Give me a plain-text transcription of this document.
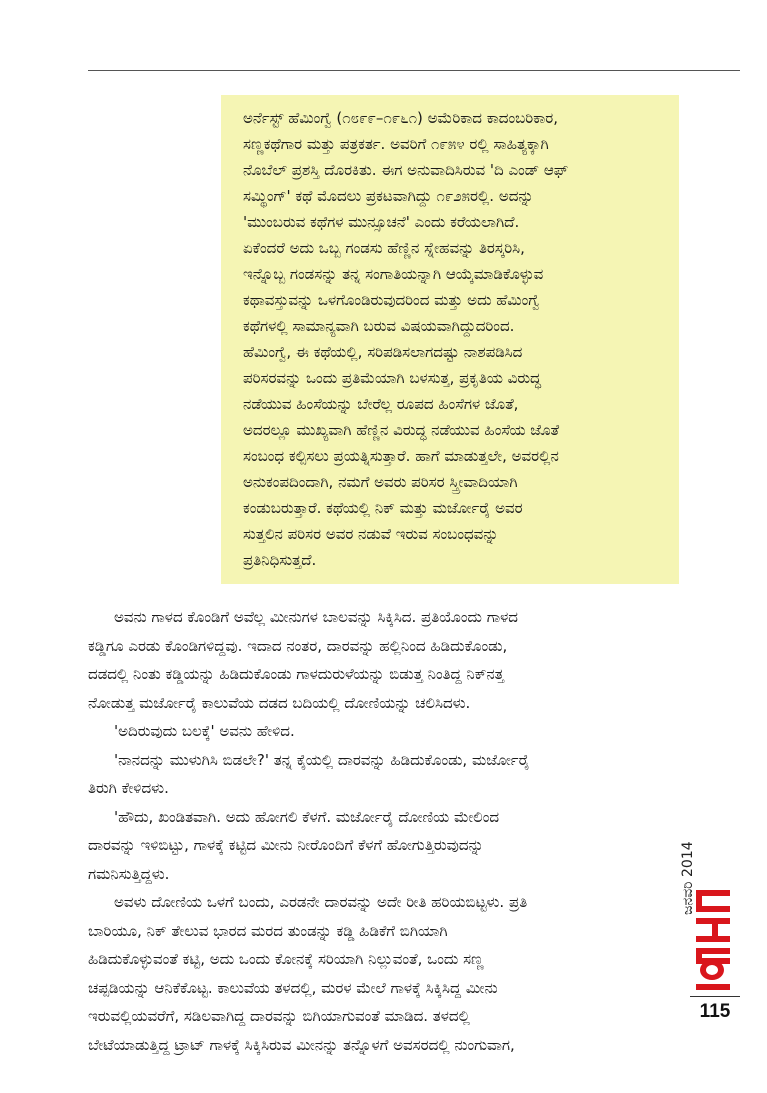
ಅರ್ನೆಸ್ಟ್ ಹೆಮಿಂಗ್ವೆ (೧೮೯೯–೧೯೬೧) ಅಮೆರಿಕಾದ ಕಾದಂಬರಿಕಾರ,
ಸಣ್ಣಕಥೆಗಾರ ಮತ್ತು ಪತ್ರಕರ್ತ. ಅವರಿಗೆ ೧೯೫೪ ರಲ್ಲಿ ಸಾಹಿತ್ಯಕ್ಕಾಗಿ
ನೊಬೆಲ್ ಪ್ರಶಸ್ತಿ ದೊರಕಿತು. ಈಗ ಅನುವಾದಿಸಿರುವ 'ದಿ ಎಂಡ್ ಆಫ್
ಸಮ್ಥಿಂಗ್' ಕಥೆ ಮೊದಲು ಪ್ರಕಟವಾಗಿದ್ದು ೧೯೨೫ರಲ್ಲಿ. ಅದನ್ನು
'ಮುಂಬರುವ ಕಥೆಗಳ ಮುನ್ಸೂಚನೆ' ಎಂದು ಕರೆಯಲಾಗಿದೆ.
ಏಕೆಂದರೆ ಅದು ಒಬ್ಬ ಗಂಡಸು ಹೆಣ್ಣಿನ ಸ್ನೇಹವನ್ನು ತಿರಸ್ಕರಿಸಿ,
ಇನ್ನೊಬ್ಬ ಗಂಡಸನ್ನು ತನ್ನ ಸಂಗಾತಿಯನ್ನಾಗಿ ಆಯ್ಕೆಮಾಡಿಕೊಳ್ಳುವ
ಕಥಾವಸ್ತುವನ್ನು ಒಳಗೊಂಡಿರುವುದರಿಂದ ಮತ್ತು ಅದು ಹೆಮಿಂಗ್ವೆ
ಕಥೆಗಳಲ್ಲಿ ಸಾಮಾನ್ಯವಾಗಿ ಬರುವ ವಿಷಯವಾಗಿದ್ದುದರಿಂದ.
ಹೆಮಿಂಗ್ವೆ, ಈ ಕಥೆಯಲ್ಲಿ, ಸರಿಪಡಿಸಲಾಗದಷ್ಟು ನಾಶಪಡಿಸಿದ
ಪರಿಸರವನ್ನು ಒಂದು ಪ್ರತಿಮೆಯಾಗಿ ಬಳಸುತ್ತ, ಪ್ರಕೃತಿಯ ವಿರುದ್ಧ
ನಡೆಯುವ ಹಿಂಸೆಯನ್ನು ಬೇರೆಲ್ಲ ರೂಪದ ಹಿಂಸೆಗಳ ಜೊತೆ,
ಅದರಲ್ಲೂ ಮುಖ್ಯವಾಗಿ ಹೆಣ್ಣಿನ ವಿರುದ್ಧ ನಡೆಯುವ ಹಿಂಸೆಯ ಜೊತೆ
ಸಂಬಂಧ ಕಲ್ಪಿಸಲು ಪ್ರಯತ್ನಿಸುತ್ತಾರೆ. ಹಾಗೆ ಮಾಡುತ್ತಲೇ, ಅವರಲ್ಲಿನ
ಅನುಕಂಪದಿಂದಾಗಿ, ನಮಗೆ ಅವರು ಪರಿಸರ ಸ್ತ್ರೀವಾದಿಯಾಗಿ
ಕಂಡುಬರುತ್ತಾರೆ. ಕಥೆಯಲ್ಲಿ ನಿಕ್ ಮತ್ತು ಮರ್ಜೋರೈ ಅವರ
ಸುತ್ತಲಿನ ಪರಿಸರ ಅವರ ನಡುವೆ ಇರುವ ಸಂಬಂಧವನ್ನು
ಪ್ರತಿನಿಧಿಸುತ್ತದೆ.
ಅವನು ಗಾಳದ ಕೊಂಡಿಗೆ ಅವೆಲ್ಲ ಮೀನುಗಳ ಬಾಲವನ್ನು ಸಿಕ್ಕಿಸಿದ. ಪ್ರತಿಯೊಂದು ಗಾಳದ
ಕಡ್ಡಿಗೂ ಎರಡು ಕೊಂಡಿಗಳಿದ್ದವು. ಇದಾದ ನಂತರ, ದಾರವನ್ನು ಹಲ್ಲಿನಿಂದ ಹಿಡಿದುಕೊಂಡು,
ದಡದಲ್ಲಿ ನಿಂತು ಕಡ್ಡಿಯನ್ನು ಹಿಡಿದುಕೊಂಡು ಗಾಳದುರುಳೆಯನ್ನು ಬಿಡುತ್ತ ನಿಂತಿದ್ದ ನಿಕ್‌ನತ್ತ
ನೋಡುತ್ತ ಮರ್ಜೋರೈ ಕಾಲುವೆಯ ದಡದ ಬದಿಯಲ್ಲಿ ದೋಣಿಯನ್ನು ಚಲಿಸಿದಳು.
'ಅದಿರುವುದು ಬಲಕ್ಕೆ' ಅವನು ಹೇಳಿದ.
'ನಾನದನ್ನು ಮುಳುಗಿಸಿ ಬಿಡಲೇ?' ತನ್ನ ಕೈಯಲ್ಲಿ ದಾರವನ್ನು ಹಿಡಿದುಕೊಂಡು, ಮರ್ಜೋರೈ
ತಿರುಗಿ ಕೇಳಿದಳು.
'ಹೌದು, ಖಂಡಿತವಾಗಿ. ಅದು ಹೋಗಲಿ ಕೆಳಗೆ. ಮರ್ಜೋರೈ ದೋಣಿಯ ಮೇಲಿಂದ
ದಾರವನ್ನು ಇಳಿಬಿಟ್ಟು, ಗಾಳಕ್ಕೆ ಕಟ್ಟಿದ ಮೀನು ನೀರೊಂದಿಗೆ ಕೆಳಗೆ ಹೋಗುತ್ತಿರುವುದನ್ನು
ಗಮನಿಸುತ್ತಿದ್ದಳು.
ಅವಳು ದೋಣಿಯ ಒಳಗೆ ಬಂದು, ಎರಡನೇ ದಾರವನ್ನು ಅದೇ ರೀತಿ ಹರಿಯಬಿಟ್ಟಳು. ಪ್ರತಿ
ಬಾರಿಯೂ, ನಿಕ್ ತೇಲುವ ಭಾರದ ಮರದ ತುಂಡನ್ನು ಕಡ್ಡಿ ಹಿಡಿಕೆಗೆ ಬಿಗಿಯಾಗಿ
ಹಿಡಿದುಕೊಳ್ಳುವಂತೆ ಕಟ್ಟಿ, ಅದು ಒಂದು ಕೋನಕ್ಕೆ ಸರಿಯಾಗಿ ನಿಲ್ಲುವಂತೆ, ಒಂದು ಸಣ್ಣ
ಚಪ್ಪಡಿಯನ್ನು ಆನಿಕೆಕೊಟ್ಟ. ಕಾಲುವೆಯ ತಳದಲ್ಲಿ, ಮರಳ ಮೇಲೆ ಗಾಳಕ್ಕೆ ಸಿಕ್ಕಿಸಿದ್ದ ಮೀನು
ಇರುವಲ್ಲಿಯವರೆಗೆ, ಸಡಿಲವಾಗಿದ್ದ ದಾರವನ್ನು ಬಿಗಿಯಾಗುವಂತೆ ಮಾಡಿದ. ತಳದಲ್ಲಿ
ಬೇಟೆಯಾಡುತ್ತಿದ್ದ ಟ್ರಾಟ್ ಗಾಳಕ್ಕೆ ಸಿಕ್ಕಿಸಿರುವ ಮೀನನ್ನು ತನ್ನೊಳಗೆ ಅವಸರದಲ್ಲಿ ನುಂಗುವಾಗ,
ಜನವರಿ 2014
115
